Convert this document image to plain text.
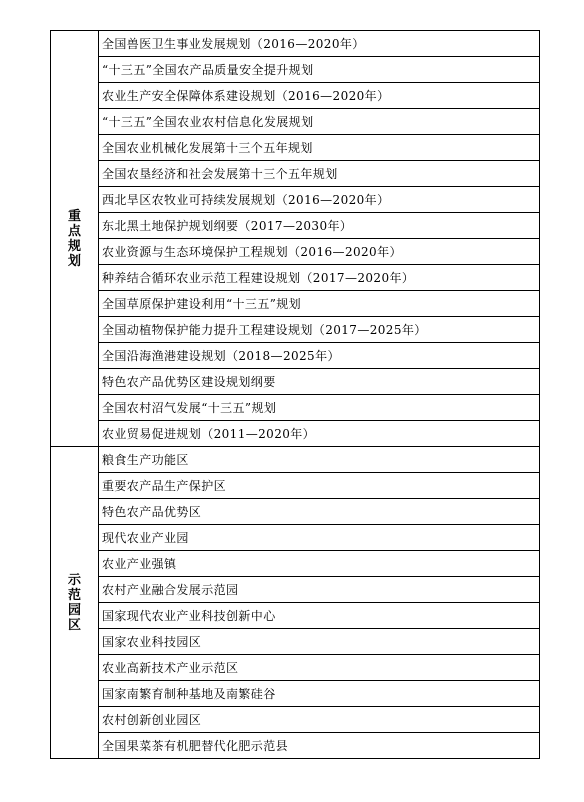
重点规划	全国兽医卫生事业发展规划（2016—2020年）
	“十三五”全国农产品质量安全提升规划
	农业生产安全保障体系建设规划（2016—2020年）
	“十三五”全国农业农村信息化发展规划
	全国农业机械化发展第十三个五年规划
	全国农垦经济和社会发展第十三个五年规划
	西北旱区农牧业可持续发展规划（2016—2020年）
	东北黑土地保护规划纲要（2017—2030年）
	农业资源与生态环境保护工程规划（2016—2020年）
	种养结合循环农业示范工程建设规划（2017—2020年）
	全国草原保护建设利用“十三五”规划
	全国动植物保护能力提升工程建设规划（2017—2025年）
	全国沿海渔港建设规划（2018—2025年）
	特色农产品优势区建设规划纲要
	全国农村沼气发展“十三五”规划
	农业贸易促进规划（2011—2020年）
示范园区	粮食生产功能区
	重要农产品生产保护区
	特色农产品优势区
	现代农业产业园
	农业产业强镇
	农村产业融合发展示范园
	国家现代农业产业科技创新中心
	国家农业科技园区
	农业高新技术产业示范区
	国家南繁育制种基地及南繁硅谷
	农村创新创业园区
	全国果菜茶有机肥替代化肥示范县
